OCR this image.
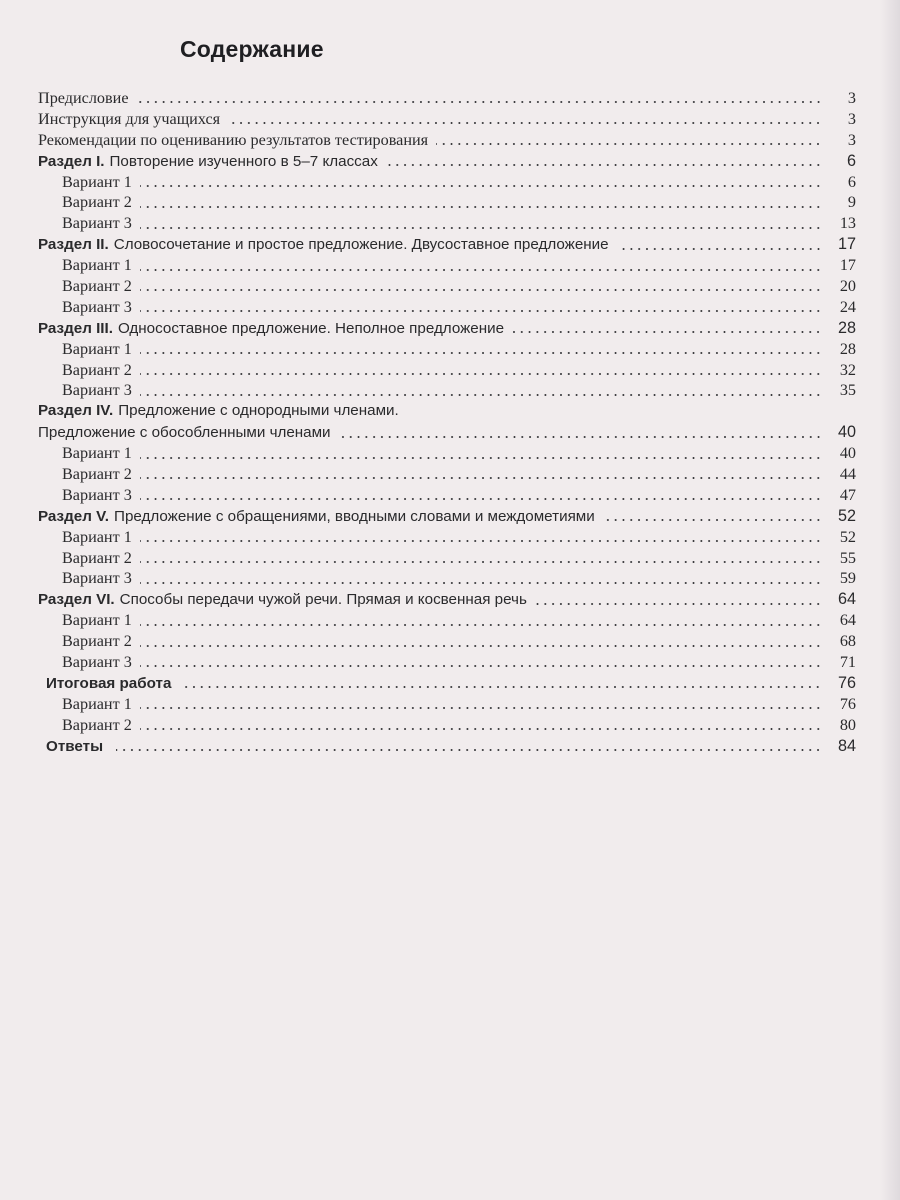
Содержание
Предисловие	3
Инструкция для учащихся	3
Рекомендации по оцениванию результатов тестирования	3
Раздел I. Повторение изученного в 5–7 классах	6
Вариант 1	6
Вариант 2	9
Вариант 3	13
Раздел II. Словосочетание и простое предложение. Двусоставное предложение	17
Вариант 1	17
Вариант 2	20
Вариант 3	24
Раздел III. Односоставное предложение. Неполное предложение	28
Вариант 1	28
Вариант 2	32
Вариант 3	35
Раздел IV. Предложение с однородными членами.
Предложение с обособленными членами	40
Вариант 1	40
Вариант 2	44
Вариант 3	47
Раздел V. Предложение с обращениями, вводными словами и междометиями	52
Вариант 1	52
Вариант 2	55
Вариант 3	59
Раздел VI. Способы передачи чужой речи. Прямая и косвенная речь	64
Вариант 1	64
Вариант 2	68
Вариант 3	71
Итоговая работа	76
Вариант 1	76
Вариант 2	80
Ответы	84
